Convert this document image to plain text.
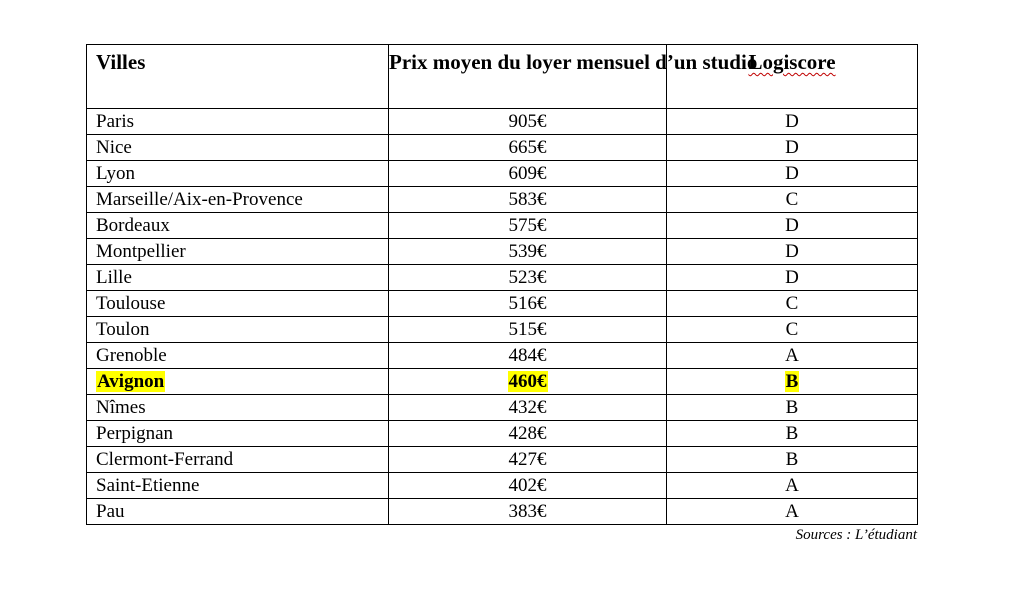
Villes	Prix moyen du loyer mensuel d’un studio	Logiscore
Paris	905€	D
Nice	665€	D
Lyon	609€	D
Marseille/Aix-en-Provence	583€	C
Bordeaux	575€	D
Montpellier	539€	D
Lille	523€	D
Toulouse	516€	C
Toulon	515€	C
Grenoble	484€	A
Avignon	460€	B
Nîmes	432€	B
Perpignan	428€	B
Clermont-Ferrand	427€	B
Saint-Etienne	402€	A
Pau	383€	A
Sources : L’étudiant
